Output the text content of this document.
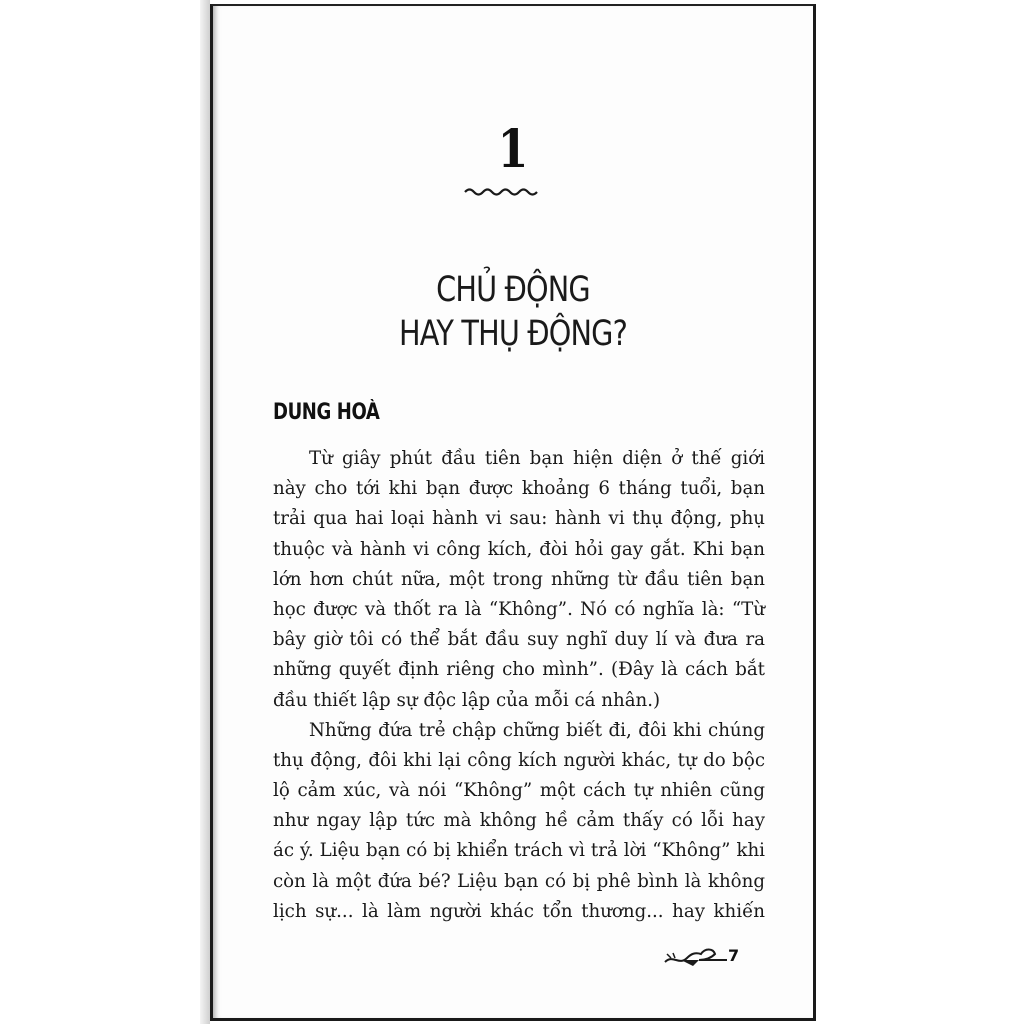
1
CHỦ ĐỘNG
HAY THỤ ĐỘNG?
DUNG HOÀ
Từ giây phút đầu tiên bạn hiện diện ở thế giới
này cho tới khi bạn được khoảng 6 tháng tuổi, bạn
trải qua hai loại hành vi sau: hành vi thụ động, phụ
thuộc và hành vi công kích, đòi hỏi gay gắt. Khi bạn
lớn hơn chút nữa, một trong những từ đầu tiên bạn
học được và thốt ra là “Không”. Nó có nghĩa là: “Từ
bây giờ tôi có thể bắt đầu suy nghĩ duy lí và đưa ra
những quyết định riêng cho mình”. (Đây là cách bắt
đầu thiết lập sự độc lập của mỗi cá nhân.)
Những đứa trẻ chập chững biết đi, đôi khi chúng
thụ động, đôi khi lại công kích người khác, tự do bộc
lộ cảm xúc, và nói “Không” một cách tự nhiên cũng
như ngay lập tức mà không hề cảm thấy có lỗi hay
ác ý. Liệu bạn có bị khiển trách vì trả lời “Không” khi
còn là một đứa bé? Liệu bạn có bị phê bình là không
lịch sự... là làm người khác tổn thương... hay khiến
7
